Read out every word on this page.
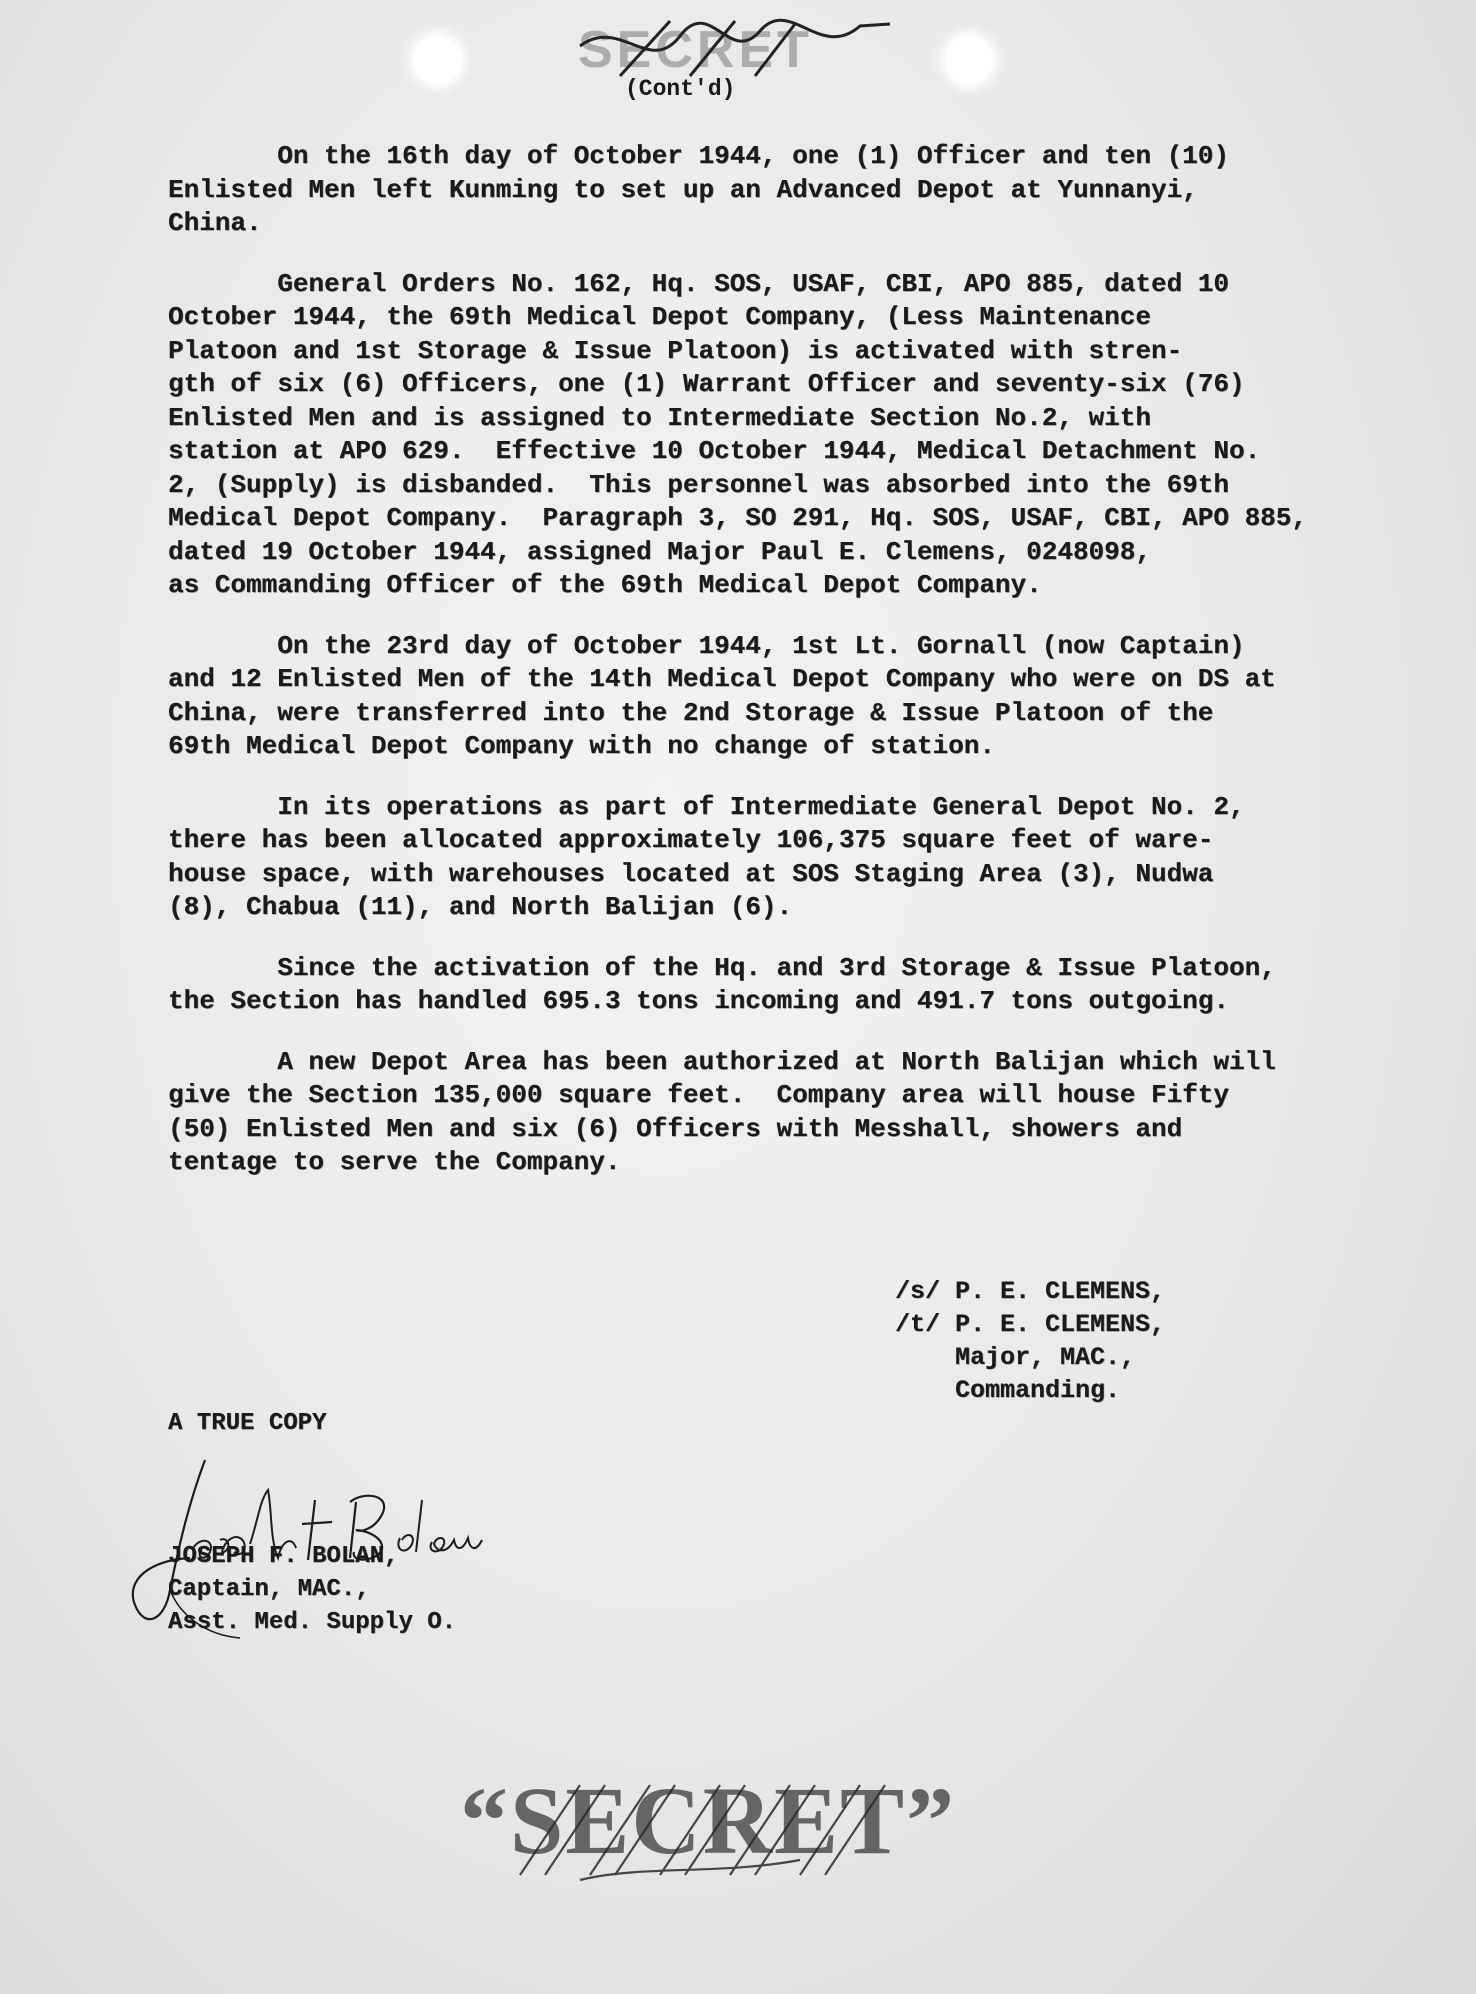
SECRET
(Cont'd)

On the 16th day of October 1944, one (1) Officer and ten (10)
Enlisted Men left Kunming to set up an Advanced Depot at Yunnanyi,
China.

General Orders No. 162, Hq. SOS, USAF, CBI, APO 885, dated 10
October 1944, the 69th Medical Depot Company, (Less Maintenance
Platoon and 1st Storage & Issue Platoon) is activated with stren-
gth of six (6) Officers, one (1) Warrant Officer and seventy-six (76)
Enlisted Men and is assigned to Intermediate Section No.2, with
station at APO 629.  Effective 10 October 1944, Medical Detachment No.
2, (Supply) is disbanded.  This personnel was absorbed into the 69th
Medical Depot Company.  Paragraph 3, SO 291, Hq. SOS, USAF, CBI, APO 885,
dated 19 October 1944, assigned Major Paul E. Clemens, 0248098,
as Commanding Officer of the 69th Medical Depot Company.

On the 23rd day of October 1944, 1st Lt. Gornall (now Captain)
and 12 Enlisted Men of the 14th Medical Depot Company who were on DS at
China, were transferred into the 2nd Storage & Issue Platoon of the
69th Medical Depot Company with no change of station.

In its operations as part of Intermediate General Depot No. 2,
there has been allocated approximately 106,375 square feet of ware-
house space, with warehouses located at SOS Staging Area (3), Nudwa
(8), Chabua (11), and North Balijan (6).

Since the activation of the Hq. and 3rd Storage & Issue Platoon,
the Section has handled 695.3 tons incoming and 491.7 tons outgoing.

A new Depot Area has been authorized at North Balijan which will
give the Section 135,000 square feet.  Company area will house Fifty
(50) Enlisted Men and six (6) Officers with Messhall, showers and
tentage to serve the Company.

/s/ P. E. CLEMENS,
/t/ P. E. CLEMENS,
Major, MAC.,
Commanding.
A TRUE COPY
JOSEPH F. BOLAN,
Captain, MAC.,
Asst. Med. Supply O.
“SECRET”
